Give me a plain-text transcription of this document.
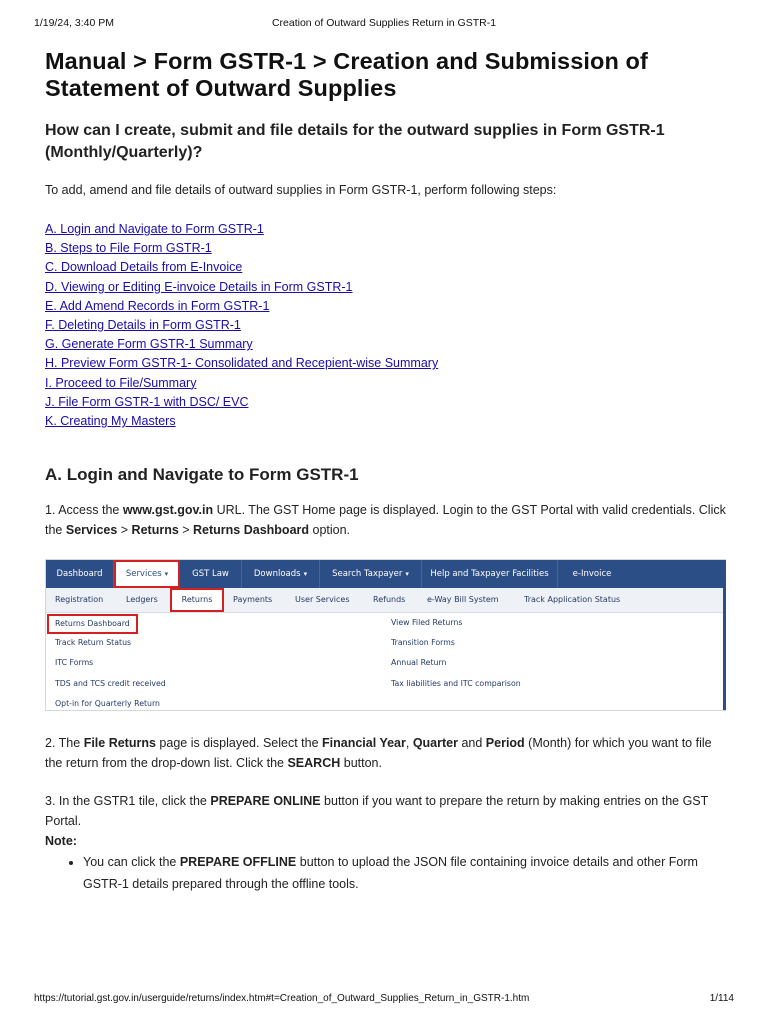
1/19/24, 3:40 PM	Creation of Outward Supplies Return in GSTR-1
Manual > Form GSTR-1 > Creation and Submission of Statement of Outward Supplies
How can I create, submit and file details for the outward supplies in Form GSTR-1 (Monthly/Quarterly)?

To add, amend and file details of outward supplies in Form GSTR-1, perform following steps:

A. Login and Navigate to Form GSTR-1
B. Steps to File Form GSTR-1
C. Download Details from E-Invoice
D. Viewing or Editing E-invoice Details in Form GSTR-1
E. Add Amend Records in Form GSTR-1
F. Deleting Details in Form GSTR-1
G. Generate Form GSTR-1 Summary
H. Preview Form GSTR-1- Consolidated and Recepient-wise Summary
I. Proceed to File/Summary
J. File Form GSTR-1 with DSC/ EVC
K. Creating My Masters
A. Login and Navigate to Form GSTR-1

1. Access the www.gst.gov.in URL. The GST Home page is displayed. Login to the GST Portal with valid credentials. Click the Services > Returns > Returns Dashboard option.

Dashboard	Services ▾	GST Law	Downloads ▾	Search Taxpayer ▾	Help and Taxpayer Facilities	e-Invoice
Registration	Ledgers	Returns	Payments	User Services	Refunds	e-Way Bill System	Track Application Status
Returns Dashboard
Track Return Status
ITC Forms
TDS and TCS credit received
Opt-in for Quarterly Return
View Filed Returns
Transition Forms
Annual Return
Tax liabilities and ITC comparison

2. The File Returns page is displayed. Select the Financial Year, Quarter and Period (Month) for which you want to file the return from the drop-down list. Click the SEARCH button.

3. In the GSTR1 tile, click the PREPARE ONLINE button if you want to prepare the return by making entries on the GST Portal.

Note:

• You can click the PREPARE OFFLINE button to upload the JSON file containing invoice details and other Form GSTR-1 details prepared through the offline tools.
https://tutorial.gst.gov.in/userguide/returns/index.htm#t=Creation_of_Outward_Supplies_Return_in_GSTR-1.htm	1/114
